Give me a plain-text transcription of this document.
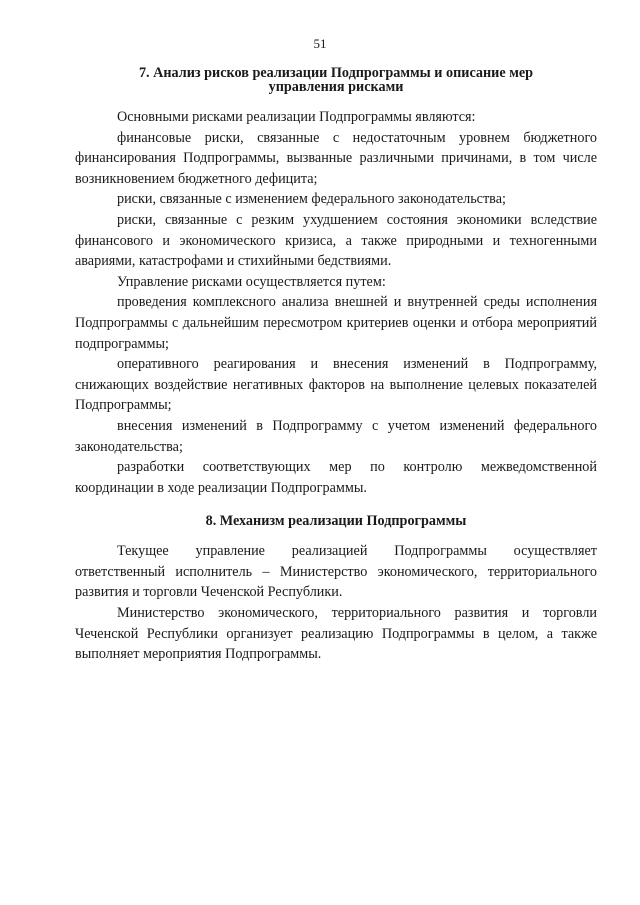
51
7. Анализ рисков реализации Подпрограммы и описание мер
управления рисками

Основными рисками реализации Подпрограммы являются:

финансовые риски, связанные с недостаточным уровнем бюджетного финансирования Подпрограммы, вызванные различными причинами, в том числе возникновением бюджетного дефицита;

риски, связанные с изменением федерального законодательства;

риски, связанные с резким ухудшением состояния экономики вследствие финансового и экономического кризиса, а также природными и техногенными авариями, катастрофами и стихийными бедствиями.

Управление рисками осуществляется путем:

проведения комплексного анализа внешней и внутренней среды исполнения Подпрограммы с дальнейшим пересмотром критериев оценки и отбора мероприятий подпрограммы;

оперативного реагирования и внесения изменений в Подпрограмму, снижающих воздействие негативных факторов на выполнение целевых показателей Подпрограммы;

внесения изменений в Подпрограмму с учетом изменений федерального законодательства;

разработки соответствующих мер по контролю межведомственной координации в ходе реализации Подпрограммы.

8. Механизм реализации Подпрограммы

Текущее управление реализацией Подпрограммы осуществляет ответственный исполнитель – Министерство экономического, территориального развития и торговли Чеченской Республики.

Министерство экономического, территориального развития и торговли Чеченской Республики организует реализацию Подпрограммы в целом, а также выполняет мероприятия Подпрограммы.
